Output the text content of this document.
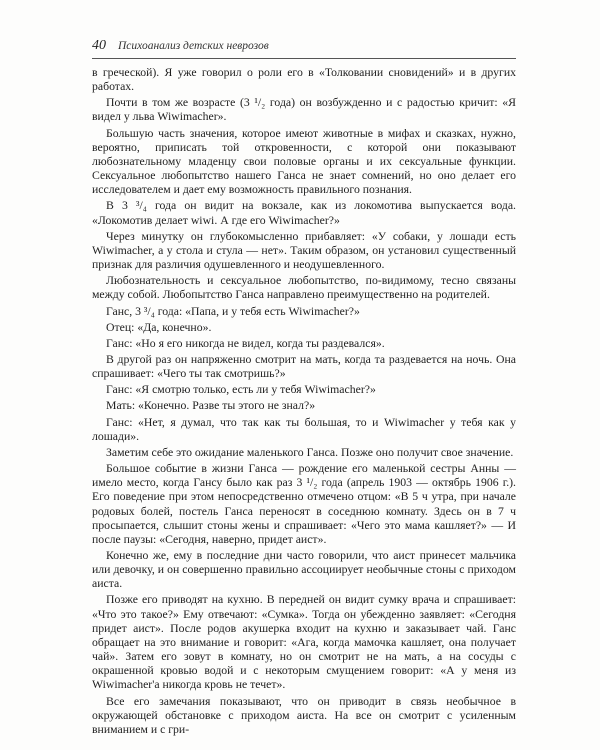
40 Психоанализ детских неврозов

в греческой). Я уже говорил о роли его в «Толковании сновидений» и в других работах.

Почти в том же возрасте (3 ¹/₂ года) он возбужденно и с радостью кричит: «Я видел у льва Wiwimacher».

Большую часть значения, которое имеют животные в мифах и сказках, нужно, вероятно, приписать той откровенности, с которой они показывают любознательному младенцу свои половые органы и их сексуальные функции. Сексуальное любопытство нашего Ганса не знает сомнений, но оно делает его исследователем и дает ему возможность правильного познания.

В 3 ³/₄ года он видит на вокзале, как из локомотива выпускается вода. «Локомотив делает wiwi. А где его Wiwimacher?»

Через минутку он глубокомысленно прибавляет: «У собаки, у лошади есть Wiwimacher, а у стола и стула — нет». Таким образом, он установил существенный признак для различия одушевленного и неодушевленного.

Любознательность и сексуальное любопытство, по-видимому, тесно связаны между собой. Любопытство Ганса направлено преимущественно на родителей.

Ганс, 3 ³/₄ года: «Папа, и у тебя есть Wiwimacher?»

Отец: «Да, конечно».

Ганс: «Но я его никогда не видел, когда ты раздевался».

В другой раз он напряженно смотрит на мать, когда та раздевается на ночь. Она спрашивает: «Чего ты так смотришь?»

Ганс: «Я смотрю только, есть ли у тебя Wiwimacher?»

Мать: «Конечно. Разве ты этого не знал?»

Ганс: «Нет, я думал, что так как ты большая, то и Wiwimacher у тебя как у лошади».

Заметим себе это ожидание маленького Ганса. Позже оно получит свое значение.

Большое событие в жизни Ганса — рождение его маленькой сестры Анны — имело место, когда Гансу было как раз 3 ¹/₂ года (апрель 1903 — октябрь 1906 г.). Его поведение при этом непосредственно отмечено отцом: «В 5 ч утра, при начале родовых болей, постель Ганса переносят в соседнюю комнату. Здесь он в 7 ч просыпается, слышит стоны жены и спрашивает: «Чего это мама кашляет?» — И после паузы: «Сегодня, наверно, придет аист».

Конечно же, ему в последние дни часто говорили, что аист принесет мальчика или девочку, и он совершенно правильно ассоциирует необычные стоны с приходом аиста.

Позже его приводят на кухню. В передней он видит сумку врача и спрашивает: «Что это такое?» Ему отвечают: «Сумка». Тогда он убежденно заявляет: «Сегодня придет аист». После родов акушерка входит на кухню и заказывает чай. Ганс обращает на это внимание и говорит: «Ага, когда мамочка кашляет, она получает чай». Затем его зовут в комнату, но он смотрит не на мать, а на сосуды с окрашенной кровью водой и с некоторым смущением говорит: «А у меня из Wiwimacher'а никогда кровь не течет».

Все его замечания показывают, что он приводит в связь необычное в окружающей обстановке с приходом аиста. На все он смотрит с усиленным вниманием и с гри-
